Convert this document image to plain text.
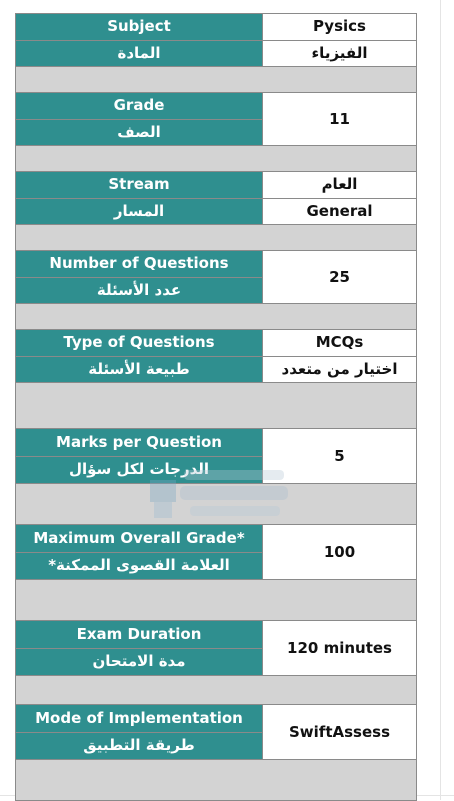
Subject
المادة
Pysics
الفيزياء
Grade
الصف
11
Stream
المسار
العام
General
Number of Questions
عدد الأسئلة
25
Type of Questions
طبيعة الأسئلة
MCQs
اختيار من متعدد
Marks per Question
الدرجات لكل سؤال
5
Maximum Overall Grade*
العلامة القصوى الممكنة*
100
Exam Duration
مدة الامتحان
120 minutes
Mode of Implementation
طريقة التطبيق
SwiftAssess
